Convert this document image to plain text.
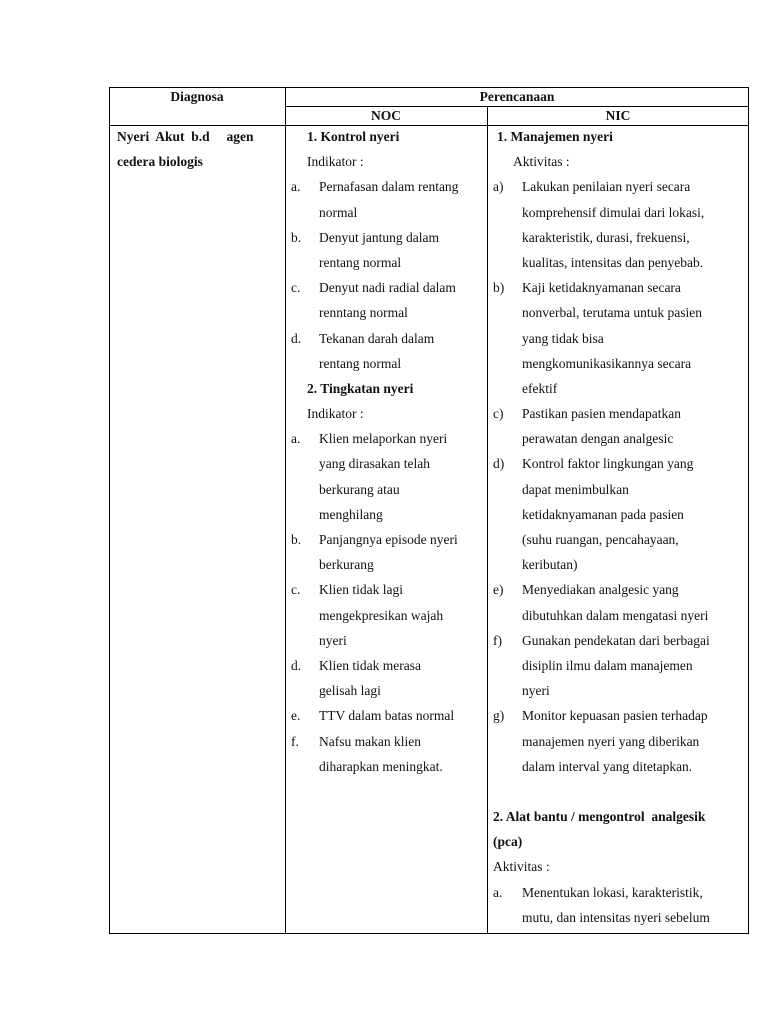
Diagnosa	Perencanaan
NOC	NIC
Nyeri  Akut  b.d     agen
cedera biologis
1. Kontrol nyeri
Indikator :
a. Pernafasan dalam rentang
normal
b. Denyut jantung dalam
rentang normal
c. Denyut nadi radial dalam
renntang normal
d. Tekanan darah dalam
rentang normal
2. Tingkatan nyeri
Indikator :
a. Klien melaporkan nyeri
yang dirasakan telah
berkurang atau
menghilang
b. Panjangnya episode nyeri
berkurang
c. Klien tidak lagi
mengekpresikan wajah
nyeri
d. Klien tidak merasa
gelisah lagi
e. TTV dalam batas normal
f. Nafsu makan klien
diharapkan meningkat.
1. Manajemen nyeri
Aktivitas :
a) Lakukan penilaian nyeri secara
komprehensif dimulai dari lokasi,
karakteristik, durasi, frekuensi,
kualitas, intensitas dan penyebab.
b) Kaji ketidaknyamanan secara
nonverbal, terutama untuk pasien
yang tidak bisa
mengkomunikasikannya secara
efektif
c) Pastikan pasien mendapatkan
perawatan dengan analgesic
d) Kontrol faktor lingkungan yang
dapat menimbulkan
ketidaknyamanan pada pasien
(suhu ruangan, pencahayaan,
keributan)
e) Menyediakan analgesic yang
dibutuhkan dalam mengatasi nyeri
f) Gunakan pendekatan dari berbagai
disiplin ilmu dalam manajemen
nyeri
g) Monitor kepuasan pasien terhadap
manajemen nyeri yang diberikan
dalam interval yang ditetapkan.
2. Alat bantu / mengontrol  analgesik
(pca)
Aktivitas :
a. Menentukan lokasi, karakteristik,
mutu, dan intensitas nyeri sebelum
